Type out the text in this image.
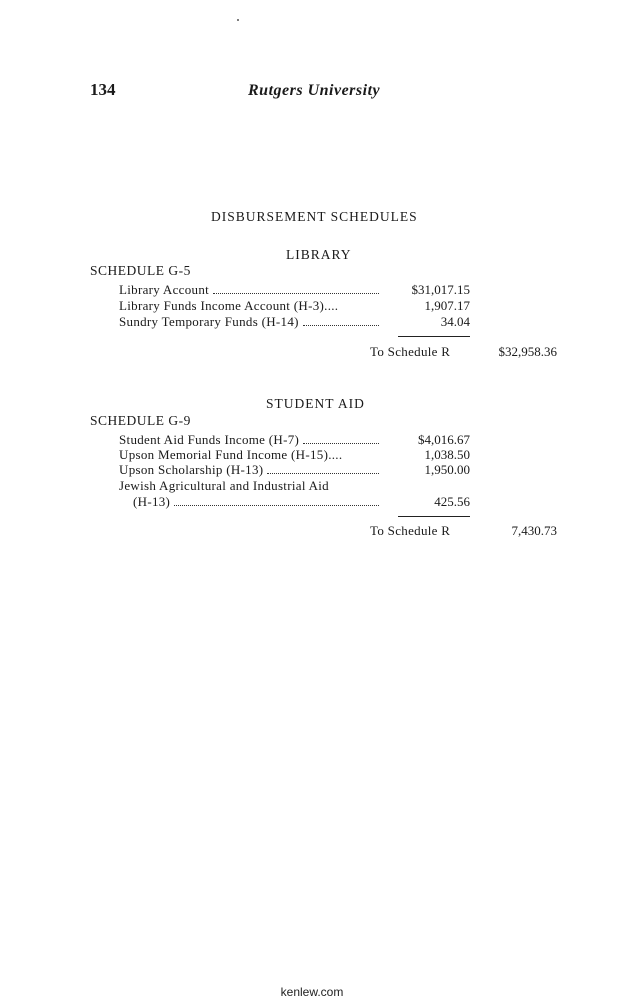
134	Rutgers University
DISBURSEMENT SCHEDULES
LIBRARY
SCHEDULE G-5
Library Account	$31,017.15
Library Funds Income Account (H-3)....	1,907.17
Sundry Temporary Funds (H-14)	34.04
To Schedule R	$32,958.36
STUDENT AID
SCHEDULE G-9
Student Aid Funds Income (H-7)	$4,016.67
Upson Memorial Fund Income (H-15)....	1,038.50
Upson Scholarship (H-13)	1,950.00
Jewish Agricultural and Industrial Aid
(H-13)	425.56
To Schedule R	7,430.73
kenlew.com
